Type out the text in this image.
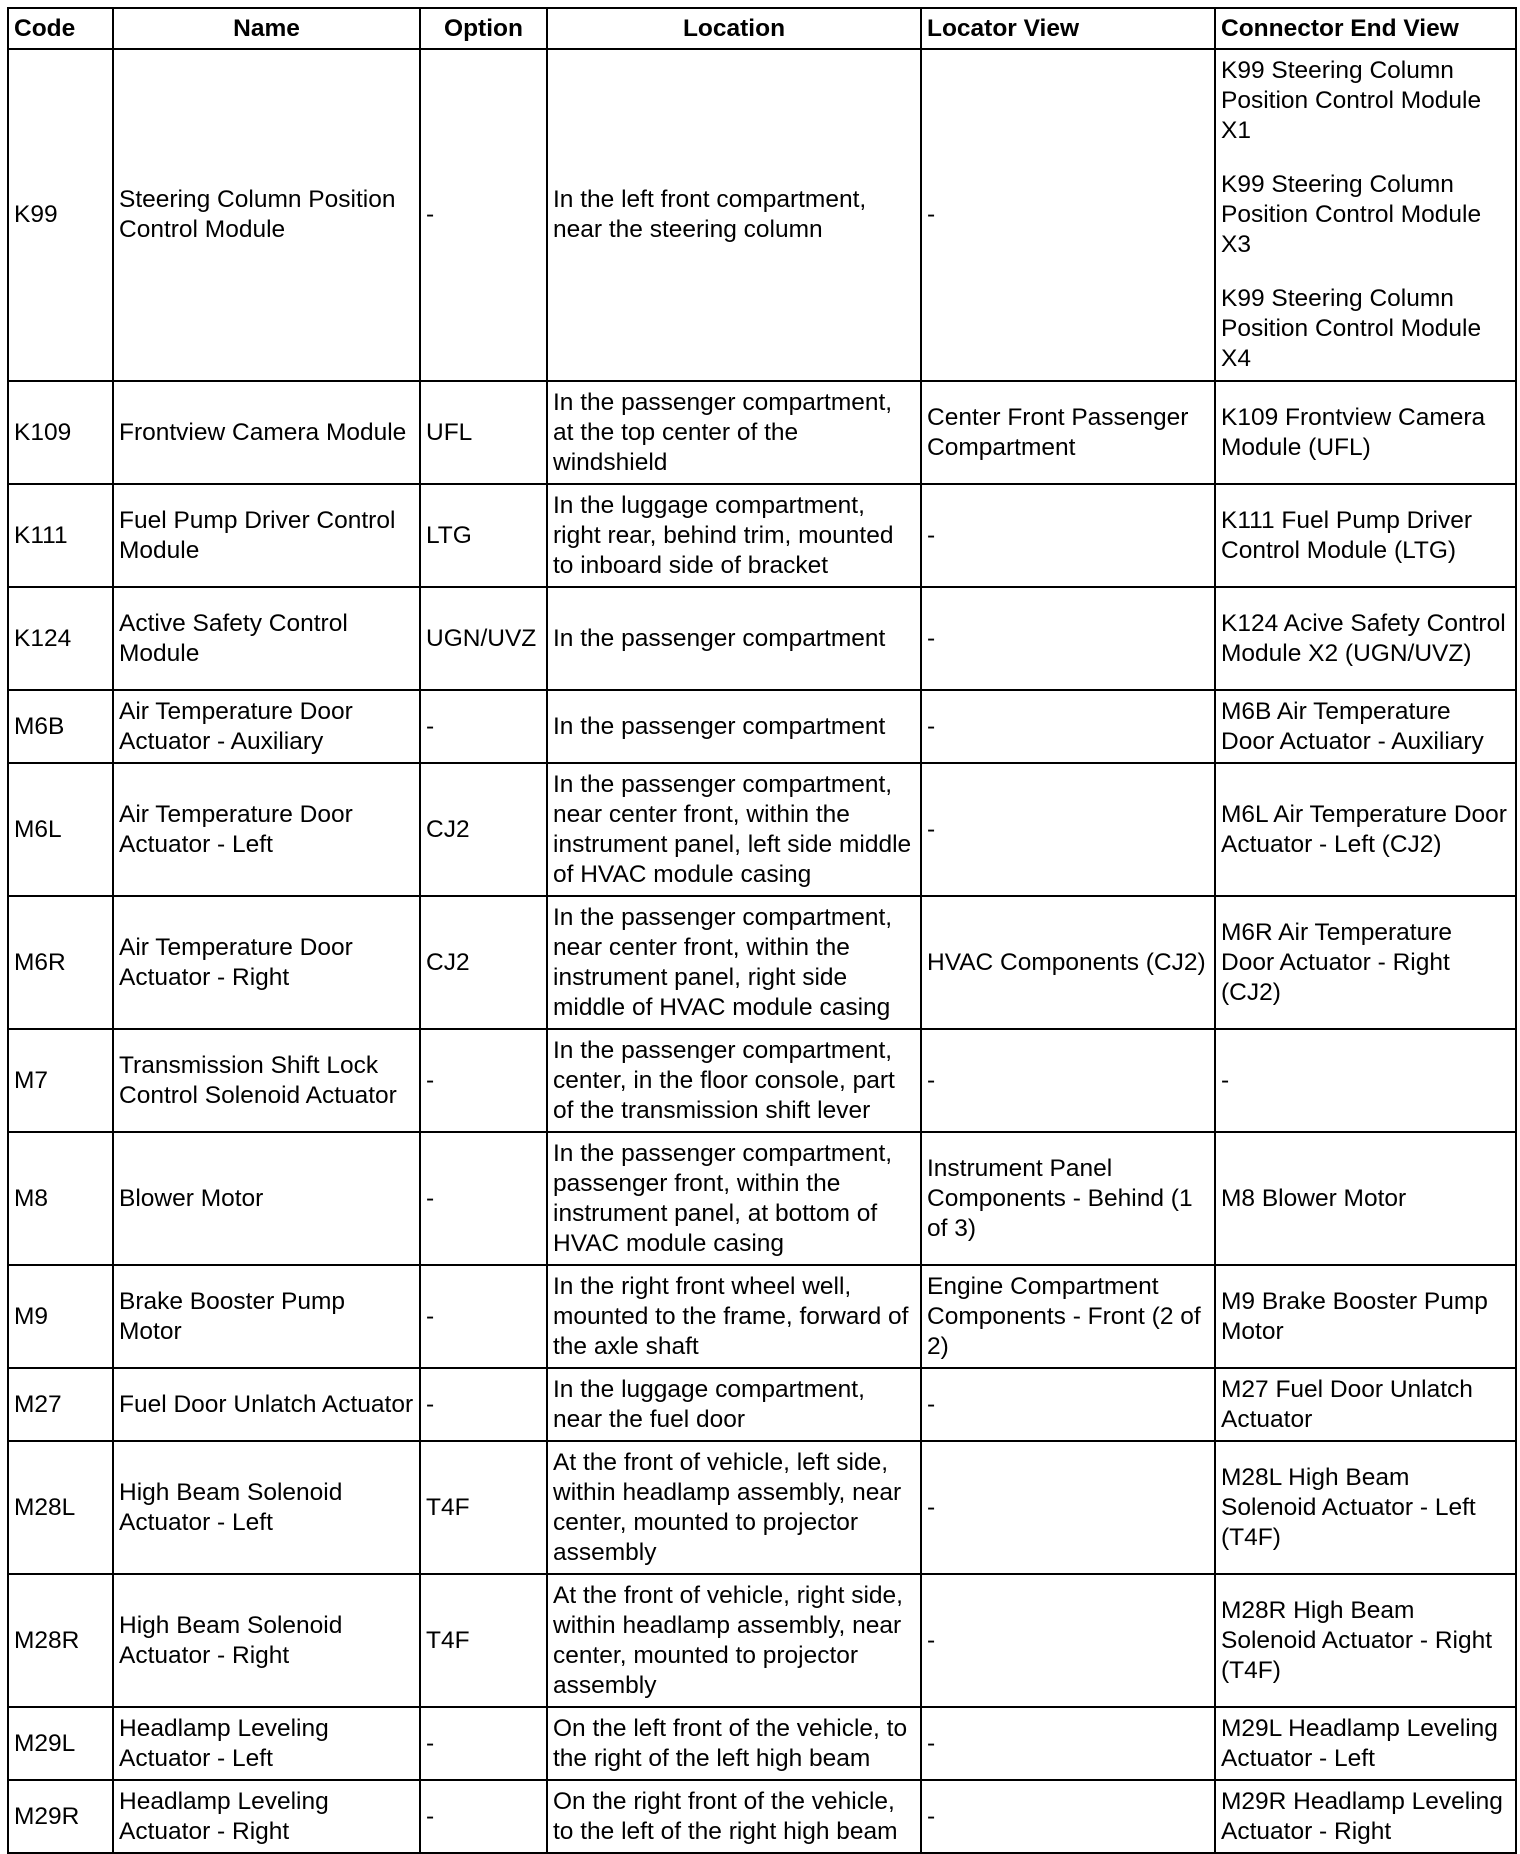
Code	Name	Option	Location	Locator View	Connector End View
K99	Steering Column Position Control Module	-	In the left front compartment, near the steering column	-	K99 Steering Column Position Control Module X1
K99 Steering Column Position Control Module X3
K99 Steering Column Position Control Module X4

K109	Frontview Camera Module	UFL	In the passenger compartment, at the top center of the windshield	Center Front Passenger Compartment	K109 Frontview Camera Module (UFL)

K111	Fuel Pump Driver Control Module	LTG	In the luggage compartment, right rear, behind trim, mounted to inboard side of bracket	-	K111 Fuel Pump Driver Control Module (LTG)

K124	Active Safety Control Module	UGN/UVZ	In the passenger compartment	-	K124 Acive Safety Control Module X2 (UGN/UVZ)

M6B	Air Temperature Door Actuator - Auxiliary	-	In the passenger compartment	-	M6B Air Temperature Door Actuator - Auxiliary

M6L	Air Temperature Door Actuator - Left	CJ2	In the passenger compartment, near center front, within the instrument panel, left side middle of HVAC module casing	-	M6L Air Temperature Door Actuator - Left (CJ2)

M6R	Air Temperature Door Actuator - Right	CJ2	In the passenger compartment, near center front, within the instrument panel, right side middle of HVAC module casing	HVAC Components (CJ2)	M6R Air Temperature Door Actuator - Right (CJ2)

M7	Transmission Shift Lock Control Solenoid Actuator	-	In the passenger compartment, center, in the floor console, part of the transmission shift lever	-	-

M8	Blower Motor	-	In the passenger compartment, passenger front, within the instrument panel, at bottom of HVAC module casing	Instrument Panel Components - Behind (1 of 3)	M8 Blower Motor

M9	Brake Booster Pump Motor	-	In the right front wheel well, mounted to the frame, forward of the axle shaft	Engine Compartment Components - Front (2 of 2)	M9 Brake Booster Pump Motor

M27	Fuel Door Unlatch Actuator	-	In the luggage compartment, near the fuel door	-	M27 Fuel Door Unlatch Actuator

M28L	High Beam Solenoid Actuator - Left	T4F	At the front of vehicle, left side, within headlamp assembly, near center, mounted to projector assembly	-	M28L High Beam Solenoid Actuator - Left (T4F)

M28R	High Beam Solenoid Actuator - Right	T4F	At the front of vehicle, right side, within headlamp assembly, near center, mounted to projector assembly	-	M28R High Beam Solenoid Actuator - Right (T4F)

M29L	Headlamp Leveling Actuator - Left	-	On the left front of the vehicle, to the right of the left high beam	-	M29L Headlamp Leveling Actuator - Left

M29R	Headlamp Leveling Actuator - Right	-	On the right front of the vehicle, to the left of the right high beam	-	M29R Headlamp Leveling Actuator - Right
